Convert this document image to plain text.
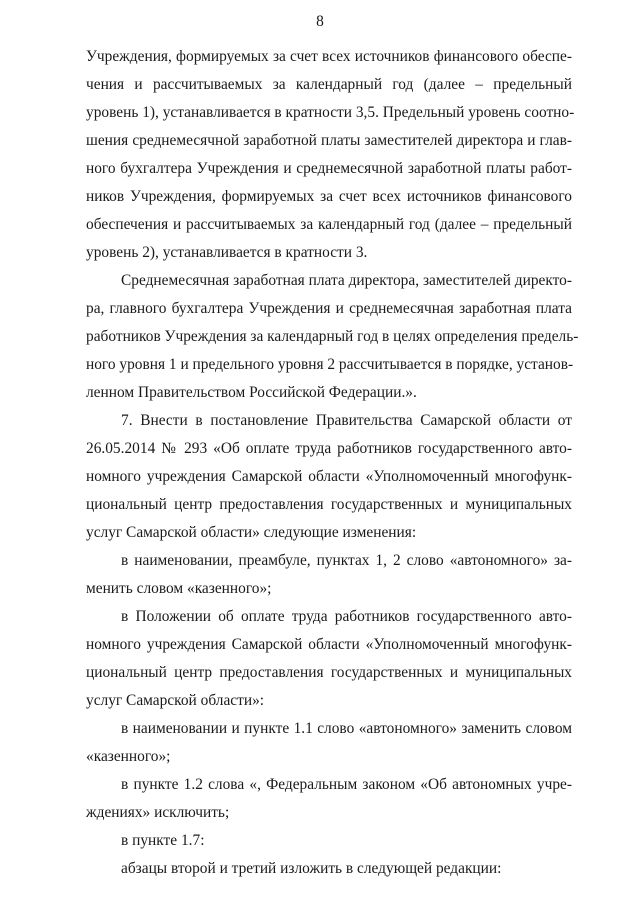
8
Учреждения, формируемых за счет всех источников финансового обеспе-
чения и рассчитываемых за календарный год (далее – предельный
уровень 1), устанавливается в кратности 3,5. Предельный уровень соотно-
шения среднемесячной заработной платы заместителей директора и глав-
ного бухгалтера Учреждения и среднемесячной заработной платы работ-
ников Учреждения, формируемых за счет всех источников финансового
обеспечения и рассчитываемых за календарный год (далее – предельный
уровень 2), устанавливается в кратности 3.
Среднемесячная заработная плата директора, заместителей директо-
ра, главного бухгалтера Учреждения и среднемесячная заработная плата
работников Учреждения за календарный год в целях определения предель-
ного уровня 1 и предельного уровня 2 рассчитывается в порядке, установ-
ленном Правительством Российской Федерации.».
7. Внести в постановление Правительства Самарской области от
26.05.2014 № 293 «Об оплате труда работников государственного авто-
номного учреждения Самарской области «Уполномоченный многофунк-
циональный центр предоставления государственных и муниципальных
услуг Самарской области» следующие изменения:
в наименовании, преамбуле, пунктах 1, 2 слово «автономного» за-
менить словом «казенного»;
в Положении об оплате труда работников государственного авто-
номного учреждения Самарской области «Уполномоченный многофунк-
циональный центр предоставления государственных и муниципальных
услуг Самарской области»:
в наименовании и пункте 1.1 слово «автономного» заменить словом
«казенного»;
в пункте 1.2 слова «, Федеральным законом «Об автономных учре-
ждениях» исключить;
в пункте 1.7:
абзацы второй и третий изложить в следующей редакции:
